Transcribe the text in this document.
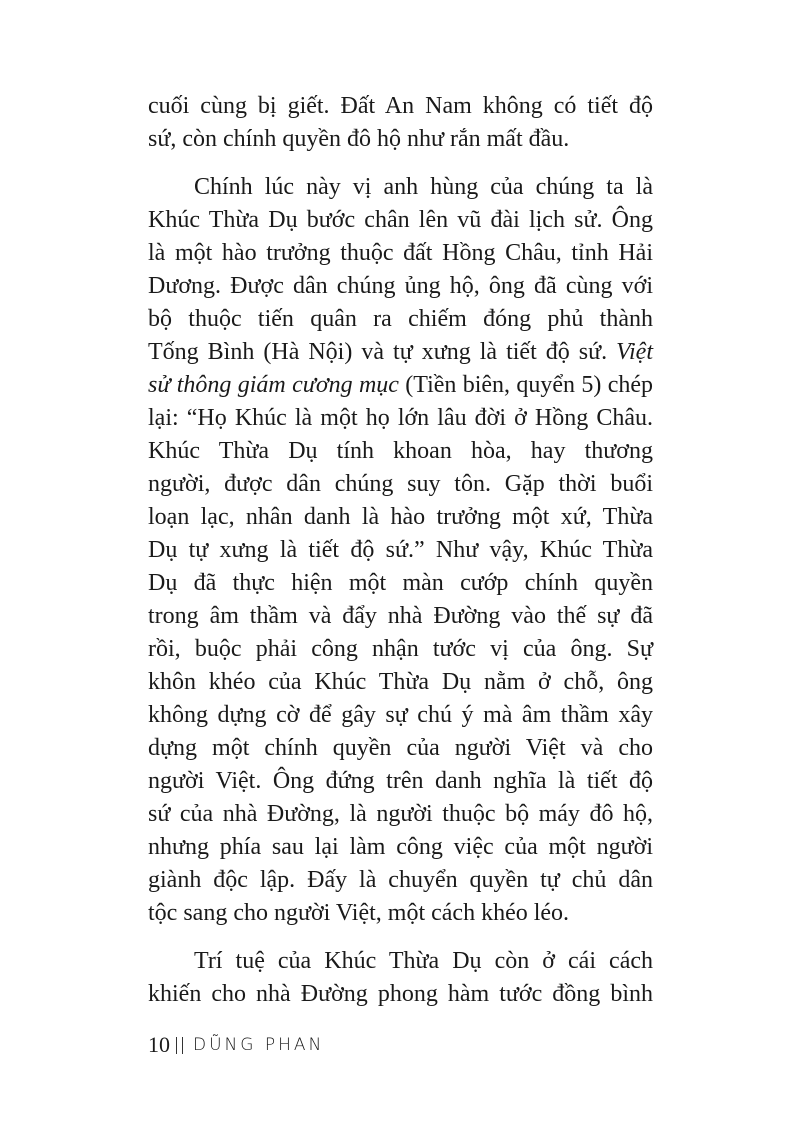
cuối cùng bị giết. Đất An Nam không có tiết độ
sứ, còn chính quyền đô hộ như rắn mất đầu.
Chính lúc này vị anh hùng của chúng ta là
Khúc Thừa Dụ bước chân lên vũ đài lịch sử. Ông
là một hào trưởng thuộc đất Hồng Châu, tỉnh Hải
Dương. Được dân chúng ủng hộ, ông đã cùng với
bộ thuộc tiến quân ra chiếm đóng phủ thành
Tống Bình (Hà Nội) và tự xưng là tiết độ sứ. Việt
sử thông giám cương mục (Tiền biên, quyển 5) chép
lại: “Họ Khúc là một họ lớn lâu đời ở Hồng Châu.
Khúc Thừa Dụ tính khoan hòa, hay thương
người, được dân chúng suy tôn. Gặp thời buổi
loạn lạc, nhân danh là hào trưởng một xứ, Thừa
Dụ tự xưng là tiết độ sứ.” Như vậy, Khúc Thừa
Dụ đã thực hiện một màn cướp chính quyền
trong âm thầm và đẩy nhà Đường vào thế sự đã
rồi, buộc phải công nhận tước vị của ông. Sự
khôn khéo của Khúc Thừa Dụ nằm ở chỗ, ông
không dựng cờ để gây sự chú ý mà âm thầm xây
dựng một chính quyền của người Việt và cho
người Việt. Ông đứng trên danh nghĩa là tiết độ
sứ của nhà Đường, là người thuộc bộ máy đô hộ,
nhưng phía sau lại làm công việc của một người
giành độc lập. Đấy là chuyển quyền tự chủ dân
tộc sang cho người Việt, một cách khéo léo.
Trí tuệ của Khúc Thừa Dụ còn ở cái cách
khiến cho nhà Đường phong hàm tước đồng bình
10 DŨNG PHAN
